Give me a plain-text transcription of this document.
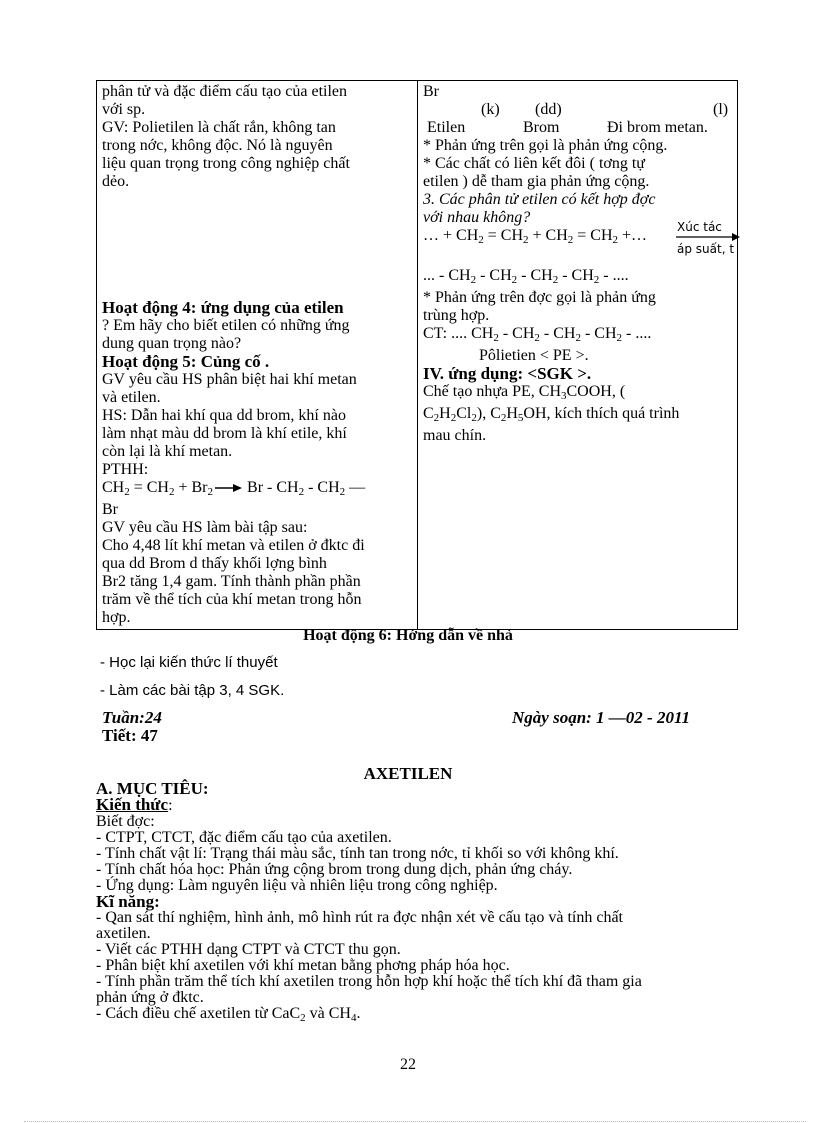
phân tử và đặc điểm cấu tạo của etilen
với sp.
GV: Polietilen là chất rắn, không tan
trong nớc, không độc. Nó là nguyên
liệu quan trọng trong công nghiệp chất
dẻo.
Hoạt động 4: ứng dụng của etilen
? Em hãy cho biết etilen có những ứng
dung quan trọng nào?
Hoạt động 5: Củng cố .
GV yêu cầu HS phân biệt hai khí metan
và etilen.
HS: Dẫn hai khí qua dd brom, khí nào
làm nhạt màu dd brom là khí etile, khí
còn lại là khí metan.
PTHH:
$CH_2 = CH_2 + Br_2\to Br - CH_2 - CH_2$ —
Br
GV yêu cầu HS làm bài tập sau:
Cho 4,48 lít khí metan và etilen ở đktc đi
qua dd Brom d thấy khối lợng bình
Br2 tăng 1,4 gam. Tính thành phần phần
trăm về thể tích của khí metan trong hỗn
hợp.

Br
(k) (dd)	(l)
Etilen	Brom	Đi brom metan.
* Phản ứng trên gọi là phản ứng cộng.
* Các chất có liên kết đôi ( tơng tự
etilen ) dễ tham gia phản ứng cộng.
3. Các phân tử etilen có kết hợp đợc
với nhau không?
… + $CH_2 = CH_2 + CH_2 = CH_2$ +… Xúc tác
áp suất, t
... - $CH_2 - CH_2 - CH_2 - CH_2$ - ....
* Phản ứng trên đợc gọi là phản ứng
trùng hợp.
CT: .... $CH_2 - CH_2 - CH_2 - CH_2$ - ....
Pôlietien < PE >.
IV. ứng dụng: <SGK >.
Chế tạo nhựa PE, $CH_3COOH$, (
$C_2H_2Cl_2$), $C_2H_5OH$, kích thích quá trình
mau chín.
Hoạt động 6: Hớng dẫn về nhà
- Học lại kiến thức lí thuyết
- Làm các bài tập 3, 4 SGK.
Tuần:24
Tiết: 47
Ngày soạn: 1 —02 - 2011
AXETILEN
A. MỤC TIÊU:
Kiến thức:
Biết đợc:
- CTPT, CTCT, đặc điểm cấu tạo của axetilen.
- Tính chất vật lí: Trạng thái màu sắc, tính tan trong nớc, tỉ khối so với không khí.
- Tính chất hóa học: Phản ứng cộng brom trong dung dịch, phản ứng cháy.
- Ứng dụng: Làm nguyên liệu và nhiên liệu trong công nghiệp.
Kĩ năng:
- Qan sát thí nghiệm, hình ảnh, mô hình rút ra đợc nhận xét về cấu tạo và tính chất
axetilen.
- Viết các PTHH dạng CTPT và CTCT thu gọn.
- Phân biệt khí axetilen với khí metan bằng phơng pháp hóa học.
- Tính phần trăm thể tích khí axetilen trong hỗn hợp khí hoặc thể tích khí đã tham gia
phản ứng ở đktc.
- Cách điều chế axetilen từ CaC$_2$ và $CH_4$.
22
